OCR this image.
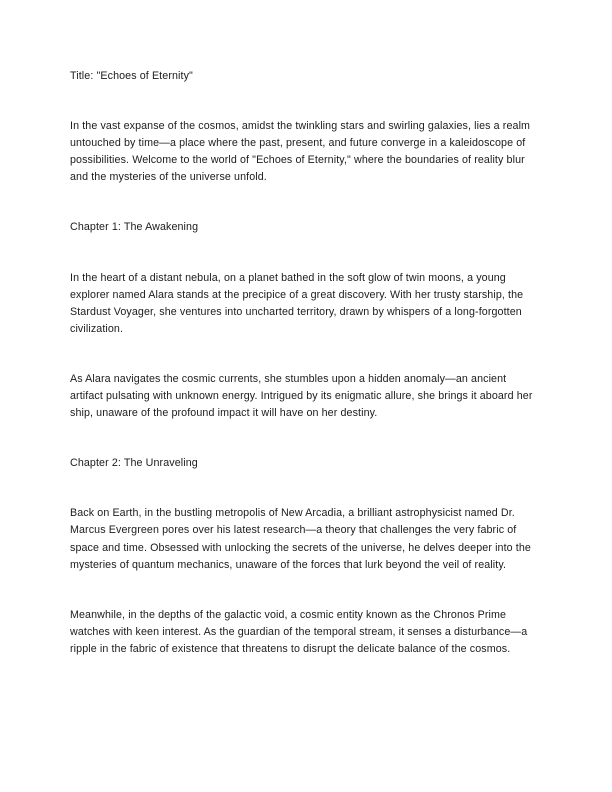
Title: "Echoes of Eternity"

In the vast expanse of the cosmos, amidst the twinkling stars and swirling galaxies, lies a realm untouched by time—a place where the past, present, and future converge in a kaleidoscope of possibilities. Welcome to the world of "Echoes of Eternity," where the boundaries of reality blur and the mysteries of the universe unfold.

Chapter 1: The Awakening

In the heart of a distant nebula, on a planet bathed in the soft glow of twin moons, a young explorer named Alara stands at the precipice of a great discovery. With her trusty starship, the Stardust Voyager, she ventures into uncharted territory, drawn by whispers of a long-forgotten civilization.

As Alara navigates the cosmic currents, she stumbles upon a hidden anomaly—an ancient artifact pulsating with unknown energy. Intrigued by its enigmatic allure, she brings it aboard her ship, unaware of the profound impact it will have on her destiny.

Chapter 2: The Unraveling

Back on Earth, in the bustling metropolis of New Arcadia, a brilliant astrophysicist named Dr. Marcus Evergreen pores over his latest research—a theory that challenges the very fabric of space and time. Obsessed with unlocking the secrets of the universe, he delves deeper into the mysteries of quantum mechanics, unaware of the forces that lurk beyond the veil of reality.

Meanwhile, in the depths of the galactic void, a cosmic entity known as the Chronos Prime watches with keen interest. As the guardian of the temporal stream, it senses a disturbance—a ripple in the fabric of existence that threatens to disrupt the delicate balance of the cosmos.
